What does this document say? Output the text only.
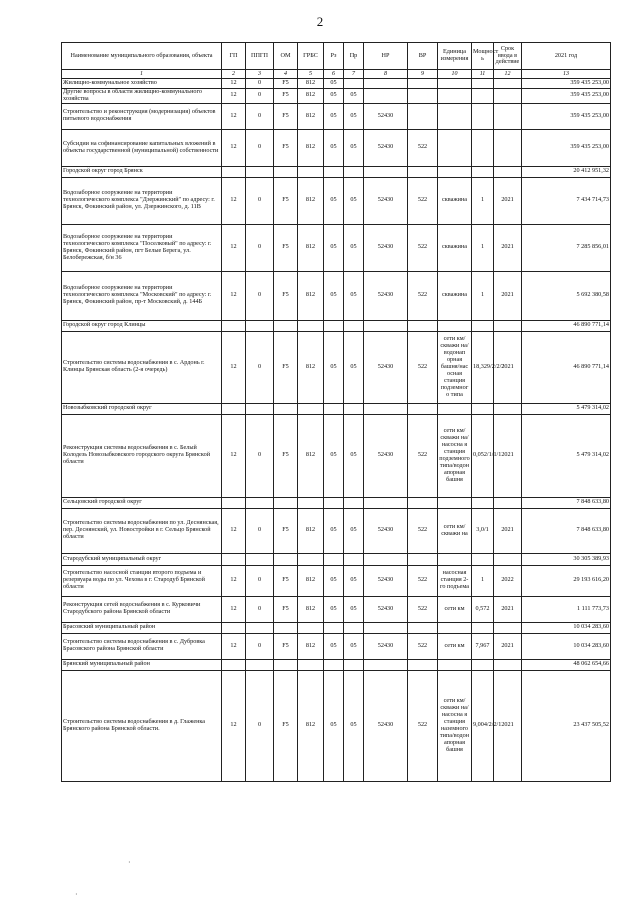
2
Наименование муниципального образования, объекта	ГП	ППГП	ОМ	ГРБС	Рз	Пр	НР	ВР	Единица измерения	Мощност ь	Срок ввода в действие	2021 год
1	2	3	4	5	6	7	8	9	10	11	12	13
Жилищно-коммунальное хозяйство	12	0	F5	812	05							359 435 253,00
Другие вопросы в области жилищно-коммунального хозяйства	12	0	F5	812	05	05						359 435 253,00
Строительство и реконструкция (модернизация) объектов питьевого водоснабжения	12	0	F5	812	05	05	52430					359 435 253,00
Субсидии на софинансирование капитальных вложений в объекты государственной (муниципальной) собственности	12	0	F5	812	05	05	52430	522				359 435 253,00
Городской округ город Брянск												20 412 951,32
Водозаборное сооружение на территории технологического комплекса "Дзержинский" по адресу: г. Брянск, Фокинский район, ул. Дзержинского, д. 11В	12	0	F5	812	05	05	52430	522	скважина	1	2021	7 434 714,73
Водозаборное сооружение на территории технологического комплекса "Поселковый" по адресу: г. Брянск, Фокинский район, пгт Белые Берега, ул. Белобережская, б/н 36	12	0	F5	812	05	05	52430	522	скважина	1	2021	7 285 856,01
Водозаборное сооружение на территории технологического комплекса "Московский" по адресу: г. Брянск, Фокинский район, пр-т Московский, д. 144Б	12	0	F5	812	05	05	52430	522	скважина	1	2021	5 692 380,58
Городской округ город Клинцы												46 890 771,14
Строительство системы водоснабжения в с. Ардонь г. Клинцы Брянская область (2-я очередь)	12	0	F5	812	05	05	52430	522	сети км/скважи на/водонап орная башня/нас осная станция подземног о типа	18,329/2/2/2	2021	46 890 771,14
Новозыбковский городской округ												5 479 314,02
Реконструкция системы водоснабжения в с. Белый Колодезь Новозыбковского городского округа Брянской области	12	0	F5	812	05	05	52430	522	сети км/скважи на/насосна я станция подземного типа/водон апорная башня	0,052/1/1/1	2021	5 479 314,02
Сельцовский городской округ												7 848 633,80
Строительство системы водоснабжения по ул. Деснянская, пер. Деснянский, ул. Новостройки в г. Сельцо Брянской области	12	0	F5	812	05	05	52430	522	сети км/скважи на	3,0/1	2021	7 848 633,80
Стародубский муниципальный округ												30 305 389,93
Строительство насосной станции второго подъема и резервуара воды по ул. Чехова в г. Стародуб Брянской области	12	0	F5	812	05	05	52430	522	насосная станция 2-го подъема	1	2022	29 193 616,20
Реконструкция сетей водоснабжения в с. Курковичи Стародубского района Брянской области	12	0	F5	812	05	05	52430	522	сети км	0,572	2021	1 111 773,73
Брасовский муниципальный район												10 034 283,60
Строительство системы водоснабжения в с. Дубровка Брасовского района Брянской области	12	0	F5	812	05	05	52430	522	сети км	7,967	2021	10 034 283,60
Брянский муниципальный район												48 062 654,66
Строительство системы водоснабжения в д. Глаженка Брянского района Брянской области.	12	0	F5	812	05	05	52430	522	сети км/скважи на/насосна я станция наземного типа/водон апорная башня	9,004/2/2/1	2021	23 437 505,52
·
·
